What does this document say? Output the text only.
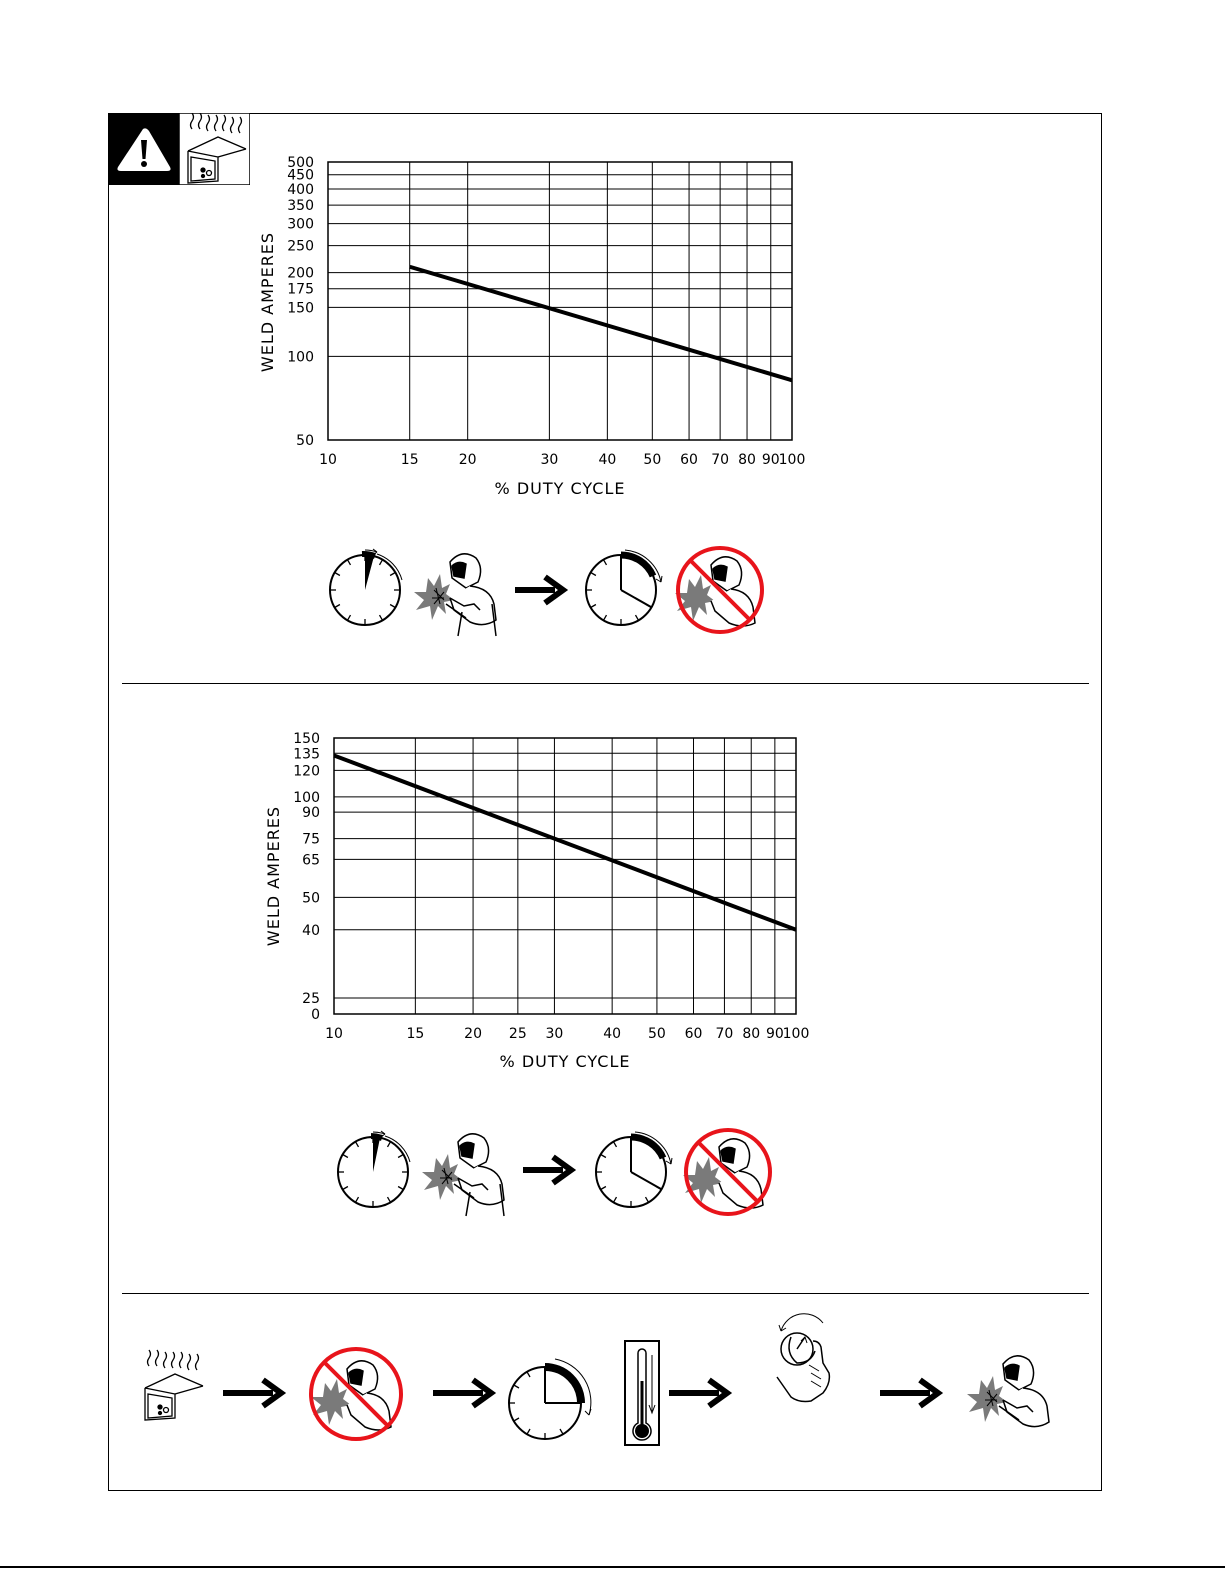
50
100
150
175
200
250
300
350
400
450
500
10	15	20	30	40 50 60 70 80 90
100
WELD AMPERES
% DUTY CYCLE
0
25
40
50
65
75
90
100
120
135
150
10	15	20 25 30	40 50 60 70 80 90
100
WELD AMPERES
% DUTY CYCLE
